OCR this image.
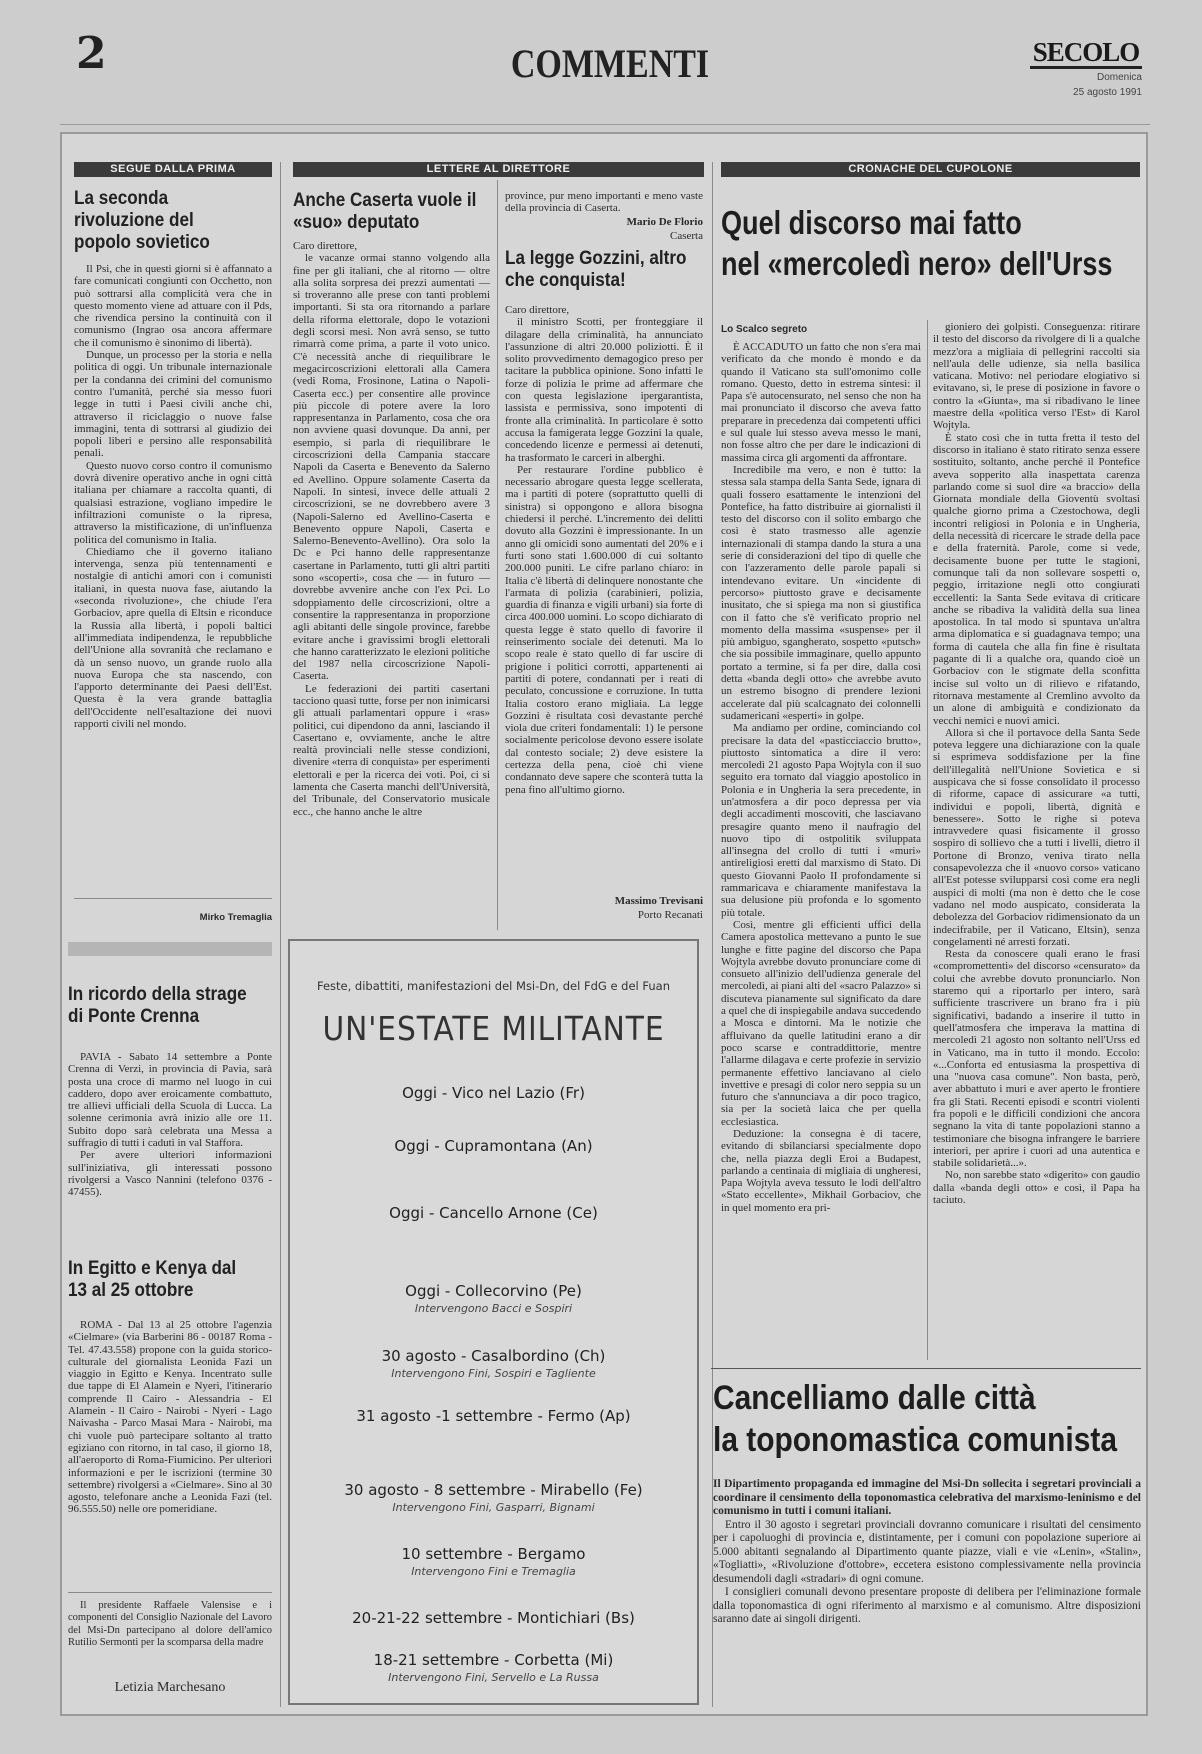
2	COMMENTI	SECOLO
Domenica
25 agosto 1991
SEGUE DALLA PRIMA
La seconda rivoluzione del popolo sovietico

Il Psi, che in questi giorni si è affannato a fare comunicati congiunti con Occhetto, non può sottrarsi alla complicità vera che in questo momento viene ad attuare con il Pds, che rivendica persino la continuità con il comunismo (Ingrao osa ancora affermare che il comunismo è sinonimo di libertà).

Dunque, un processo per la storia e nella politica di oggi. Un tribunale internazionale per la condanna dei crimini del comunismo contro l'umanità, perché sia messo fuori legge in tutti i Paesi civili anche chi, attraverso il riciclaggio o nuove false immagini, tenta di sottrarsi al giudizio dei popoli liberi e persino alle responsabilità penali.

Questo nuovo corso contro il comunismo dovrà divenire operativo anche in ogni città italiana per chiamare a raccolta quanti, di qualsiasi estrazione, vogliano impedire le infiltrazioni comuniste o la ripresa, attraverso la mistificazione, di un'influenza politica del comunismo in Italia.

Chiediamo che il governo italiano intervenga, senza più tentennamenti e nostalgie di antichi amori con i comunisti italiani, in questa nuova fase, aiutando la «seconda rivoluzione», che chiude l'era Gorbaciov, apre quella di Eltsin e riconduce la Russia alla libertà, i popoli baltici all'immediata indipendenza, le repubbliche dell'Unione alla sovranità che reclamano e dà un senso nuovo, un grande ruolo alla nuova Europa che sta nascendo, con l'apporto determinante dei Paesi dell'Est. Questa è la vera grande battaglia dell'Occidente nell'esaltazione dei nuovi rapporti civili nel mondo.

Mirko Tremaglia
In ricordo della strage di Ponte Crenna

PAVIA - Sabato 14 settembre a Ponte Crenna di Verzi, in provincia di Pavia, sarà posta una croce di marmo nel luogo in cui caddero, dopo aver eroicamente combattuto, tre allievi ufficiali della Scuola di Lucca. La solenne cerimonia avrà inizio alle ore 11. Subito dopo sarà celebrata una Messa a suffragio di tutti i caduti in val Staffora.

Per avere ulteriori informazioni sull'iniziativa, gli interessati possono rivolgersi a Vasco Nannini (telefono 0376 - 47455).

In Egitto e Kenya dal 13 al 25 ottobre

ROMA - Dal 13 al 25 ottobre l'agenzia «Cielmare» (via Barberini 86 - 00187 Roma - Tel. 47.43.558) propone con la guida storico-culturale del giornalista Leonida Fazi un viaggio in Egitto e Kenya. Incentrato sulle due tappe di El Alamein e Nyeri, l'itinerario comprende Il Cairo - Alessandria - El Alamein - Il Cairo - Nairobi - Nyeri - Lago Naivasha - Parco Masai Mara - Nairobi, ma chi vuole può partecipare soltanto al tratto egiziano con ritorno, in tal caso, il giorno 18, all'aeroporto di Roma-Fiumicino. Per ulteriori informazioni e per le iscrizioni (termine 30 settembre) rivolgersi a «Cielmare». Sino al 30 agosto, telefonare anche a Leonida Fazi (tel. 96.555.50) nelle ore pomeridiane.

Il presidente Raffaele Valensise e i componenti del Consiglio Nazionale del Lavoro del Msi-Dn partecipano al dolore dell'amico Rutilio Sermonti per la scomparsa della madre

Letizia Marchesano
LETTERE AL DIRETTORE
Anche Caserta vuole il «suo» deputato
Caro direttore,

le vacanze ormai stanno volgendo alla fine per gli italiani, che al ritorno — oltre alla solita sorpresa dei prezzi aumentati — si troveranno alle prese con tanti problemi importanti. Si sta ora ritornando a parlare della riforma elettorale, dopo le votazioni degli scorsi mesi. Non avrà senso, se tutto rimarrà come prima, a parte il voto unico. C'è necessità anche di riequilibrare le megacircoscrizioni elettorali alla Camera (vedi Roma, Frosinone, Latina o Napoli-Caserta ecc.) per consentire alle province più piccole di potere avere la loro rappresentanza in Parlamento, cosa che ora non avviene quasi dovunque. Da anni, per esempio, si parla di riequilibrare le circoscrizioni della Campania staccare Napoli da Caserta e Benevento da Salerno ed Avellino. Oppure solamente Caserta da Napoli. In sintesi, invece delle attuali 2 circoscrizioni, se ne dovrebbero avere 3 (Napoli-Salerno ed Avellino-Caserta e Benevento oppure Napoli, Caserta e Salerno-Benevento-Avellino). Ora solo la Dc e Pci hanno delle rappresentanze casertane in Parlamento, tutti gli altri partiti sono «scoperti», cosa che — in futuro — dovrebbe avvenire anche con l'ex Pci. Lo sdoppiamento delle circoscrizioni, oltre a consentire la rappresentanza in proporzione agli abitanti delle singole province, farebbe evitare anche i gravissimi brogli elettorali che hanno caratterizzato le elezioni politiche del 1987 nella circoscrizione Napoli-Caserta.

Le federazioni dei partiti casertani tacciono quasi tutte, forse per non inimicarsi gli attuali parlamentari oppure i «ras» politici, cui dipendono da anni, lasciando il Casertano e, ovviamente, anche le altre realtà provinciali nelle stesse condizioni, divenire «terra di conquista» per esperimenti elettorali e per la ricerca dei voti. Poi, ci si lamenta che Caserta manchi dell'Università, del Tribunale, del Conservatorio musicale ecc., che hanno anche le altre

province, pur meno importanti e meno vaste della provincia di Caserta.

Mario De Florio
Caserta
La legge Gozzini, altro che conquista!
Caro direttore,

il ministro Scotti, per fronteggiare il dilagare della criminalità, ha annunciato l'assunzione di altri 20.000 poliziotti. È il solito provvedimento demagogico preso per tacitare la pubblica opinione. Sono infatti le forze di polizia le prime ad affermare che con questa legislazione ipergarantista, lassista e permissiva, sono impotenti di fronte alla criminalità. In particolare è sotto accusa la famigerata legge Gozzini la quale, concedendo licenze e permessi ai detenuti, ha trasformato le carceri in alberghi.

Per restaurare l'ordine pubblico è necessario abrogare questa legge scellerata, ma i partiti di potere (soprattutto quelli di sinistra) si oppongono e allora bisogna chiedersi il perché. L'incremento dei delitti dovuto alla Gozzini è impressionante. In un anno gli omicidi sono aumentati del 20% e i furti sono stati 1.600.000 di cui soltanto 200.000 puniti. Le cifre parlano chiaro: in Italia c'è libertà di delinquere nonostante che l'armata di polizia (carabinieri, polizia, guardia di finanza e vigili urbani) sia forte di circa 400.000 uomini. Lo scopo dichiarato di questa legge è stato quello di favorire il reinserimento sociale dei detenuti. Ma lo scopo reale è stato quello di far uscire di prigione i politici corrotti, appartenenti ai partiti di potere, condannati per i reati di peculato, concussione e corruzione. In tutta Italia costoro erano migliaia. La legge Gozzini è risultata così devastante perché viola due criteri fondamentali: 1) le persone socialmente pericolose devono essere isolate dal contesto sociale; 2) deve esistere la certezza della pena, cioè chi viene condannato deve sapere che sconterà tutta la pena fino all'ultimo giorno.

Massimo Trevisani
Porto Recanati
Feste, dibattiti, manifestazioni del Msi-Dn, del FdG e del Fuan
UN'ESTATE MILITANTE
Oggi - Vico nel Lazio (Fr)
Oggi - Cupramontana (An)
Oggi - Cancello Arnone (Ce)
Oggi - Collecorvino (Pe)
Intervengono Bacci e Sospiri
30 agosto - Casalbordino (Ch)
Intervengono Fini, Sospiri e Tagliente
31 agosto -1 settembre - Fermo (Ap)
30 agosto - 8 settembre - Mirabello (Fe)
Intervengono Fini, Gasparri, Bignami
10 settembre - Bergamo
Intervengono Fini e Tremaglia
20-21-22 settembre - Montichiari (Bs)
18-21 settembre - Corbetta (Mi)
Intervengono Fini, Servello e La Russa
CRONACHE DEL CUPOLONE
Quel discorso mai fatto
nel «mercoledì nero» dell'Urss
Lo Scalco segreto

È ACCADUTO un fatto che non s'era mai verificato da che mondo è mondo e da quando il Vaticano sta sull'omonimo colle romano. Questo, detto in estrema sintesi: il Papa s'è autocensurato, nel senso che non ha mai pronunciato il discorso che aveva fatto preparare in precedenza dai competenti uffici e sul quale lui stesso aveva messo le mani, non fosse altro che per dare le indicazioni di massima circa gli argomenti da affrontare.

Incredibile ma vero, e non è tutto: la stessa sala stampa della Santa Sede, ignara di quali fossero esattamente le intenzioni del Pontefice, ha fatto distribuire ai giornalisti il testo del discorso con il solito embargo che così è stato trasmesso alle agenzie internazionali di stampa dando la stura a una serie di considerazioni del tipo di quelle che con l'azzeramento delle parole papali si intendevano evitare. Un «incidente di percorso» piuttosto grave e decisamente inusitato, che si spiega ma non si giustifica con il fatto che s'è verificato proprio nel momento della massima «suspense» per il più ambiguo, sgangherato, sospetto «putsch» che sia possibile immaginare, quello appunto portato a termine, si fa per dire, dalla così detta «banda degli otto» che avrebbe avuto un estremo bisogno di prendere lezioni accelerate dal più scalcagnato dei colonnelli sudamericani «esperti» in golpe.

Ma andiamo per ordine, cominciando col precisare la data del «pasticciaccio brutto», piuttosto sintomatica a dire il vero: mercoledì 21 agosto Papa Wojtyla con il suo seguito era tornato dal viaggio apostolico in Polonia e in Ungheria la sera precedente, in un'atmosfera a dir poco depressa per via degli accadimenti moscoviti, che lasciavano presagire quanto meno il naufragio del nuovo tipo di ostpolitik sviluppata all'insegna del crollo di tutti i «muri» antireligiosi eretti dal marxismo di Stato. Di questo Giovanni Paolo II profondamente si rammaricava e chiaramente manifestava la sua delusione più profonda e lo sgomento più totale.

Così, mentre gli efficienti uffici della Camera apostolica mettevano a punto le sue lunghe e fitte pagine del discorso che Papa Wojtyla avrebbe dovuto pronunciare come di consueto all'inizio dell'udienza generale del mercoledì, ai piani alti del «sacro Palazzo» si discuteva pianamente sul significato da dare a quel che di inspiegabile andava succedendo a Mosca e dintorni. Ma le notizie che affluivano da quelle latitudini erano a dir poco scarse e contraddittorie, mentre l'allarme dilagava e certe profezie in servizio permanente effettivo lanciavano al cielo invettive e presagi di color nero seppia su un futuro che s'annunciava a dir poco tragico, sia per la società laica che per quella ecclesiastica.

Deduzione: la consegna è di tacere, evitando di sbilanciarsi specialmente dopo che, nella piazza degli Eroi a Budapest, parlando a centinaia di migliaia di ungheresi, Papa Wojtyla aveva tessuto le lodi dell'altro «Stato eccellente», Mikhail Gorbaciov, che in quel momento era pri-

gioniero dei golpisti. Conseguenza: ritirare il testo del discorso da rivolgere di lì a qualche mezz'ora a migliaia di pellegrini raccolti sia nell'aula delle udienze, sia nella basilica vaticana. Motivo: nel periodare elogiativo si evitavano, sì, le prese di posizione in favore o contro la «Giunta», ma si ribadivano le linee maestre della «politica verso l'Est» di Karol Wojtyla.

È stato così che in tutta fretta il testo del discorso in italiano è stato ritirato senza essere sostituito, soltanto, anche perché il Pontefice aveva sopperito alla inaspettata carenza parlando come si suol dire «a braccio» della Giornata mondiale della Gioventù svoltasi qualche giorno prima a Czestochowa, degli incontri religiosi in Polonia e in Ungheria, della necessità di ricercare le strade della pace e della fraternità. Parole, come si vede, decisamente buone per tutte le stagioni, comunque tali da non sollevare sospetti o, peggio, irritazione negli otto congiurati eccellenti: la Santa Sede evitava di criticare anche se ribadiva la validità della sua linea apostolica. In tal modo si spuntava un'altra arma diplomatica e si guadagnava tempo; una forma di cautela che alla fin fine è risultata pagante di lì a qualche ora, quando cioè un Gorbaciov con le stigmate della sconfitta incise sul volto un di rilievo e rifatando, ritornava mestamente al Cremlino avvolto da un alone di ambiguità e condizionato da vecchi nemici e nuovi amici.

Allora sì che il portavoce della Santa Sede poteva leggere una dichiarazione con la quale si esprimeva soddisfazione per la fine dell'illegalità nell'Unione Sovietica e si auspicava che si fosse consolidato il processo di riforme, capace di assicurare «a tutti, individui e popoli, libertà, dignità e benessere». Sotto le righe si poteva intravvedere quasi fisicamente il grosso sospiro di sollievo che a tutti i livelli, dietro il Portone di Bronzo, veniva tirato nella consapevolezza che il «nuovo corso» vaticano all'Est potesse svilupparsi così come era negli auspici di molti (ma non è detto che le cose vadano nel modo auspicato, considerata la debolezza del Gorbaciov ridimensionato da un indecifrabile, per il Vaticano, Eltsin), senza congelamenti né arresti forzati.

Resta da conoscere quali erano le frasi «compromettenti» del discorso «censurato» da colui che avrebbe dovuto pronunciarlo. Non staremo qui a riportarlo per intero, sarà sufficiente trascrivere un brano fra i più significativi, badando a inserire il tutto in quell'atmosfera che imperava la mattina di mercoledì 21 agosto non soltanto nell'Urss ed in Vaticano, ma in tutto il mondo. Eccolo: «...Conforta ed entusiasma la prospettiva di una "nuova casa comune". Non basta, però, aver abbattuto i muri e aver aperto le frontiere fra gli Stati. Recenti episodi e scontri violenti fra popoli e le difficili condizioni che ancora segnano la vita di tante popolazioni stanno a testimoniare che bisogna infrangere le barriere interiori, per aprire i cuori ad una autentica e stabile solidarietà...».

No, non sarebbe stato «digerito» con gaudio dalla «banda degli otto» e così, il Papa ha taciuto.

Cancelliamo dalle città
la toponomastica comunista

Il Dipartimento propaganda ed immagine del Msi-Dn sollecita i segretari provinciali a coordinare il censimento della toponomastica celebrativa del marxismo-leninismo e del comunismo in tutti i comuni italiani.

Entro il 30 agosto i segretari provinciali dovranno comunicare i risultati del censimento per i capoluoghi di provincia e, distintamente, per i comuni con popolazione superiore ai 5.000 abitanti segnalando al Dipartimento quante piazze, viali e vie «Lenin», «Stalin», «Togliatti», «Rivoluzione d'ottobre», eccetera esistono complessivamente nella provincia desumendoli dagli «stradari» di ogni comune.

I consiglieri comunali devono presentare proposte di delibera per l'eliminazione formale dalla toponomastica di ogni riferimento al marxismo e al comunismo. Altre disposizioni saranno date ai singoli dirigenti.
